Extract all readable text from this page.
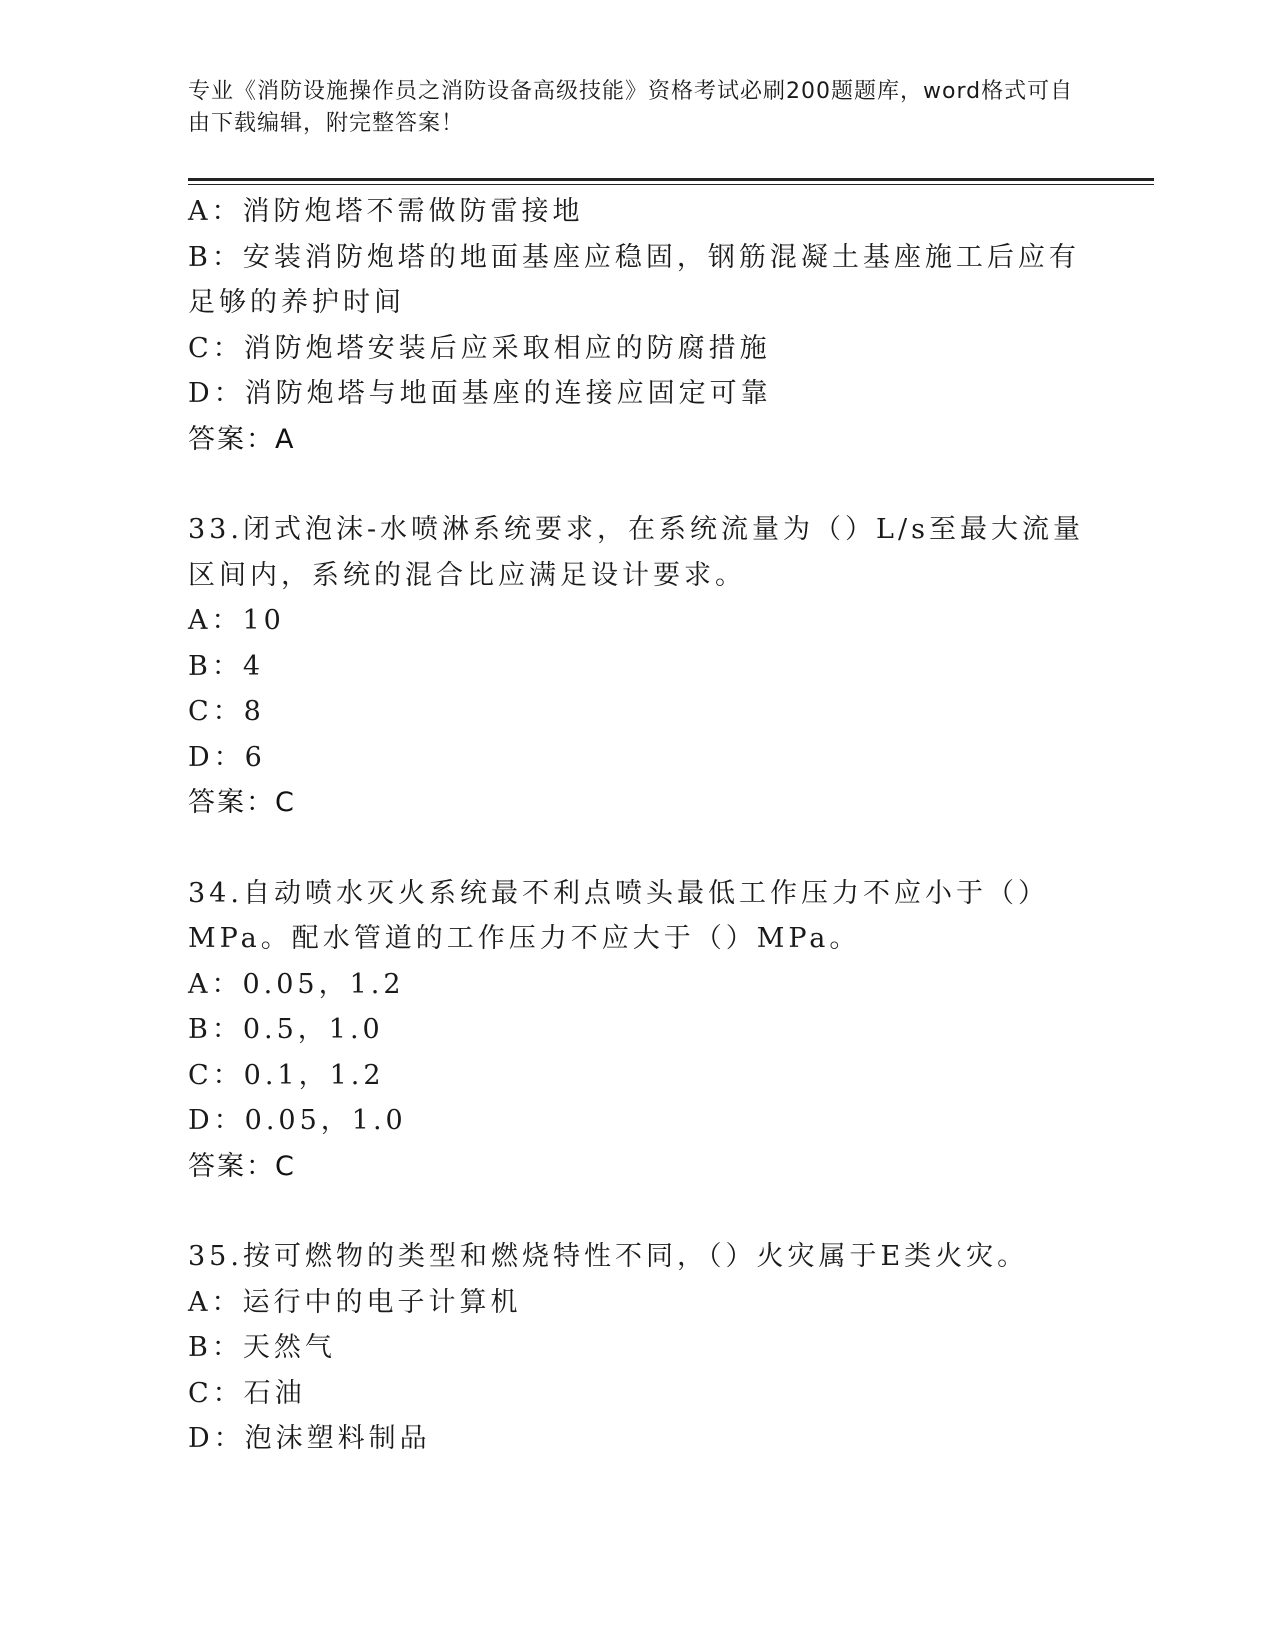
专业《消防设施操作员之消防设备高级技能》资格考试必刷200题题库，word格式可自由下载编辑，附完整答案！
A：消防炮塔不需做防雷接地
B：安装消防炮塔的地面基座应稳固，钢筋混凝土基座施工后应有足够的养护时间
C：消防炮塔安装后应采取相应的防腐措施
D：消防炮塔与地面基座的连接应固定可靠
答案：A
33.闭式泡沫-水喷淋系统要求，在系统流量为（）L/s至最大流量区间内，系统的混合比应满足设计要求。
A：10
B：4
C：8
D：6
答案：C
34.自动喷水灭火系统最不利点喷头最低工作压力不应小于（）MPa。配水管道的工作压力不应大于（）MPa。
A：0.05，1.2
B：0.5，1.0
C：0.1，1.2
D：0.05，1.0
答案：C
35.按可燃物的类型和燃烧特性不同，（）火灾属于E类火灾。
A：运行中的电子计算机
B：天然气
C：石油
D：泡沫塑料制品
